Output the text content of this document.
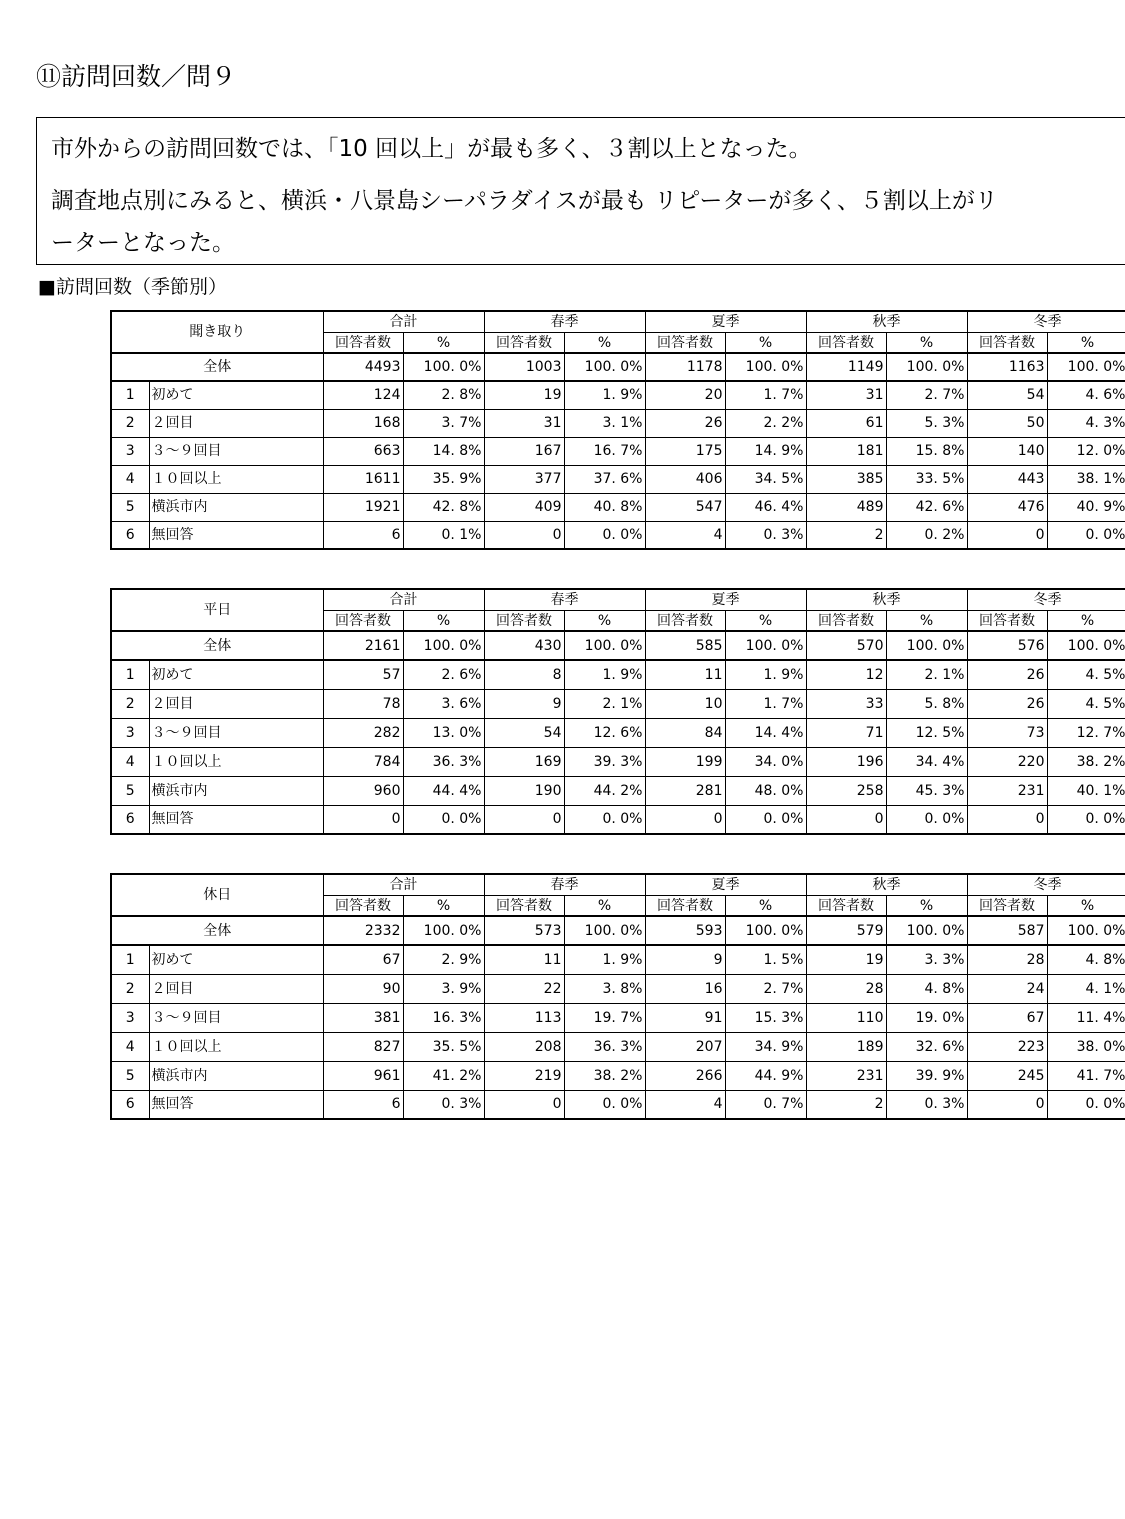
⑪訪問回数／問９
市外からの訪問回数では、「10 回以上」が最も多く、３割以上となった。
調査地点別にみると、横浜・八景島シーパラダイスが最も リピーターが多く、５割以上がリ
ーターとなった。
■訪問回数（季節別）
聞き取り		合計		春季		夏季		秋季		冬季	
		回答者数	%	回答者数	%	回答者数	%	回答者数	%	回答者数	%
全体		4493	100. 0%	1003	100. 0%	1178	100. 0%	1149	100. 0%	1163	100. 0%
1	初めて	124	2. 8%	19	1. 9%	20	1. 7%	31	2. 7%	54	4. 6%
2	２回目	168	3. 7%	31	3. 1%	26	2. 2%	61	5. 3%	50	4. 3%
3	３～９回目	663	14. 8%	167	16. 7%	175	14. 9%	181	15. 8%	140	12. 0%
4	１０回以上	1611	35. 9%	377	37. 6%	406	34. 5%	385	33. 5%	443	38. 1%
5	横浜市内	1921	42. 8%	409	40. 8%	547	46. 4%	489	42. 6%	476	40. 9%
6	無回答	6	0. 1%	0	0. 0%	4	0. 3%	2	0. 2%	0	0. 0%
平日		合計		春季		夏季		秋季		冬季	
		回答者数	%	回答者数	%	回答者数	%	回答者数	%	回答者数	%
全体		2161	100. 0%	430	100. 0%	585	100. 0%	570	100. 0%	576	100. 0%
1	初めて	57	2. 6%	8	1. 9%	11	1. 9%	12	2. 1%	26	4. 5%
2	２回目	78	3. 6%	9	2. 1%	10	1. 7%	33	5. 8%	26	4. 5%
3	３～９回目	282	13. 0%	54	12. 6%	84	14. 4%	71	12. 5%	73	12. 7%
4	１０回以上	784	36. 3%	169	39. 3%	199	34. 0%	196	34. 4%	220	38. 2%
5	横浜市内	960	44. 4%	190	44. 2%	281	48. 0%	258	45. 3%	231	40. 1%
6	無回答	0	0. 0%	0	0. 0%	0	0. 0%	0	0. 0%	0	0. 0%
休日		合計		春季		夏季		秋季		冬季	
		回答者数	%	回答者数	%	回答者数	%	回答者数	%	回答者数	%
全体		2332	100. 0%	573	100. 0%	593	100. 0%	579	100. 0%	587	100. 0%
1	初めて	67	2. 9%	11	1. 9%	9	1. 5%	19	3. 3%	28	4. 8%
2	２回目	90	3. 9%	22	3. 8%	16	2. 7%	28	4. 8%	24	4. 1%
3	３～９回目	381	16. 3%	113	19. 7%	91	15. 3%	110	19. 0%	67	11. 4%
4	１０回以上	827	35. 5%	208	36. 3%	207	34. 9%	189	32. 6%	223	38. 0%
5	横浜市内	961	41. 2%	219	38. 2%	266	44. 9%	231	39. 9%	245	41. 7%
6	無回答	6	0. 3%	0	0. 0%	4	0. 7%	2	0. 3%	0	0. 0%
